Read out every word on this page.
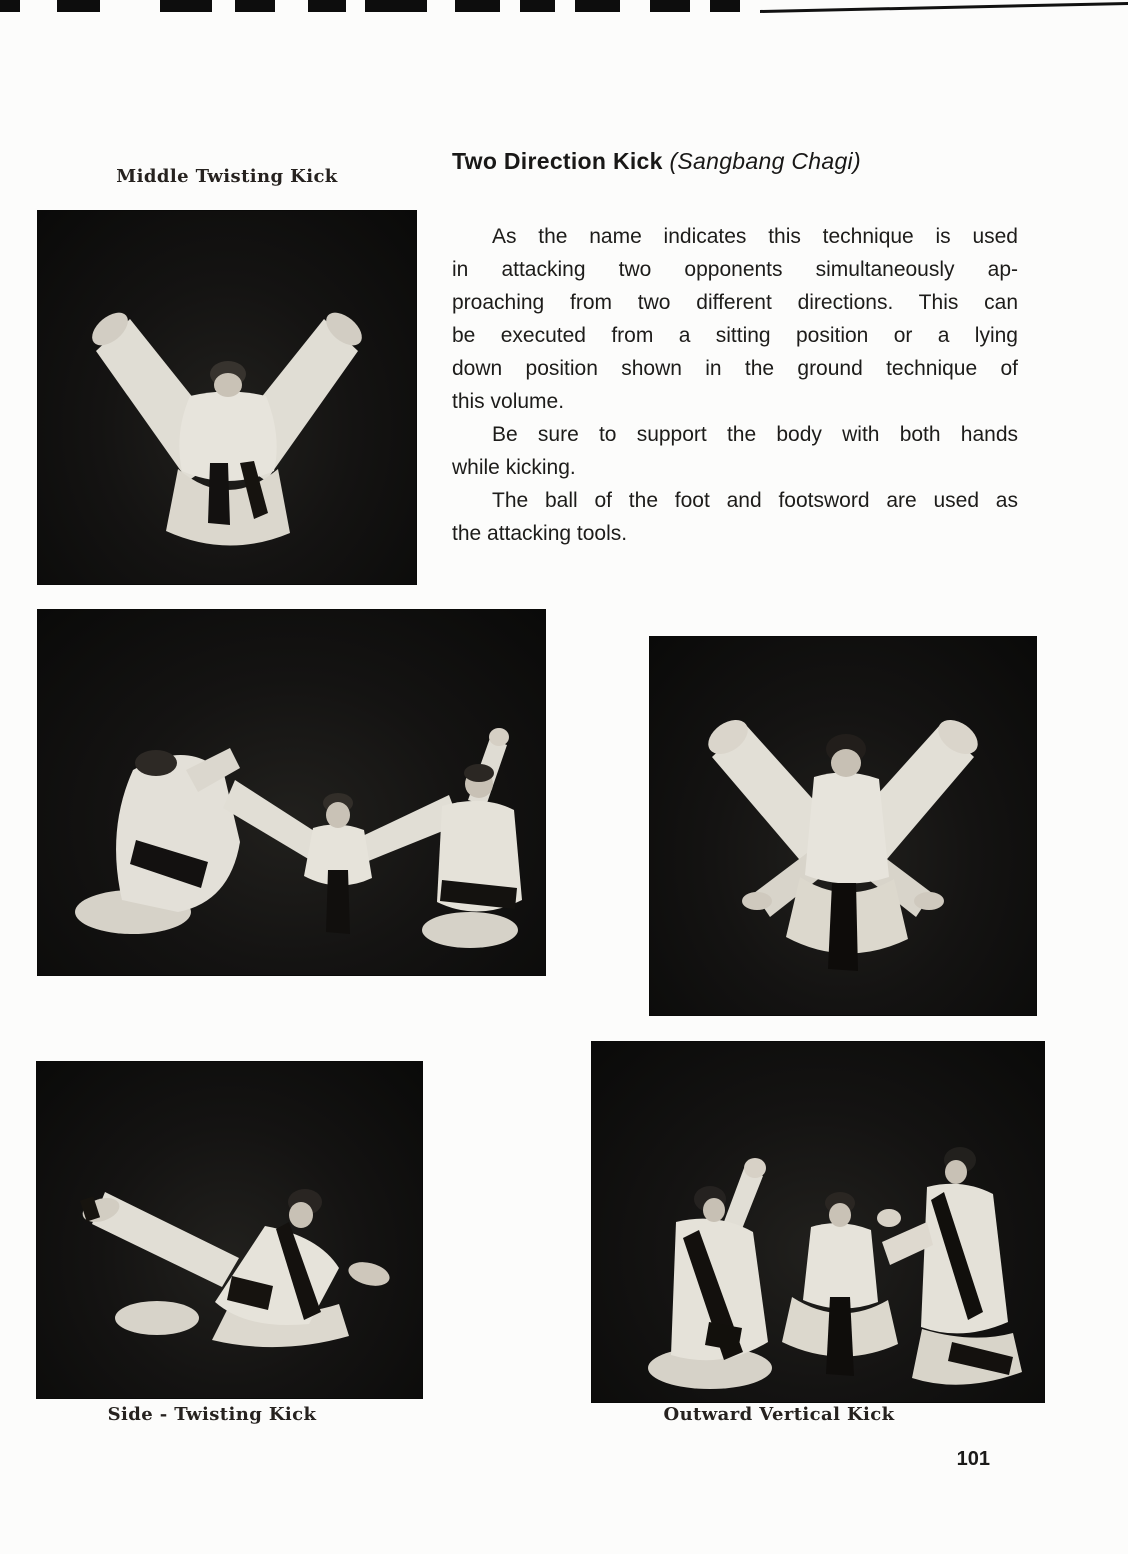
Middle Twisting Kick
Two Direction Kick (Sangbang Chagi)
As the name indicates this technique is used
in attacking two opponents simultaneously ap-
proaching from two different directions. This can
be executed from a sitting position or a lying
down position shown in the ground technique of
this volume.
Be sure to support the body with both hands
while kicking.
The ball of the foot and footsword are used as
the attacking tools.
Side - Twisting Kick	Outward Vertical Kick
101
